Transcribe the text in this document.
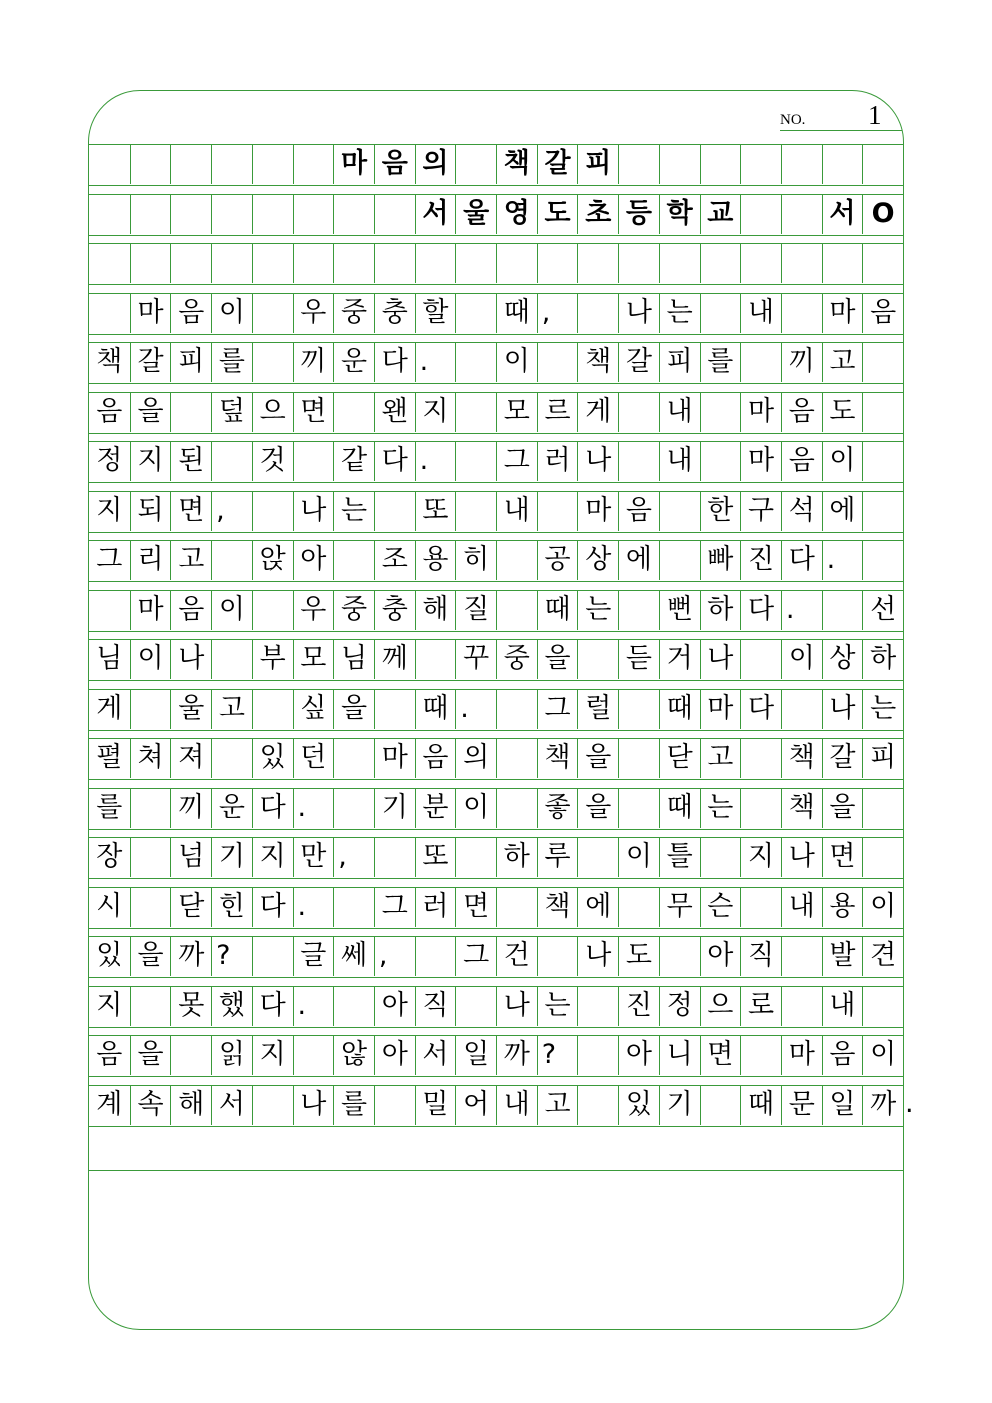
NO. 1
마 음 의 책 갈 피
서 울 영 도 초 등 학 교	서 O
마 음 이 우 중 충 할 때 ,	나 는 내 마 음
책 갈 피 를 끼 운 다 .	이 책 갈 피 를 끼 고
음 을 덮 으 면 왠 지 모 르 게 내 마 음 도
정 지 된 것 같 다 .	그 러 나 내 마 음 이
지 되 면 ,	나 는 또 내 마 음 한 구 석 에
그 리 고 앉 아 조 용 히 공 상 에 빠 진 다 .
마 음 이 우 중 충 해 질 때 는 뻔 하 다 .	선
님 이 나 부 모 님 께 꾸 중 을 듣 거 나 이 상 하
게 울 고 싶 을 때 .	그 럴 때 마 다 나 는
펼 쳐 져 있 던 마 음 의 책 을 닫 고 책 갈 피
를 끼 운 다 .	기 분 이 좋 을 때 는 책 을
장 넘 기 지 만 ,	또 하 루 이 틀 지 나 면
시 닫 힌 다 .	그 러 면 책 에 무 슨 내 용 이
있 을 까 ?	글 쎄 ,	그 건 나 도 아 직 발 견
지 못 했 다 .	아 직 나 는 진 정 으 로 내
음 을 읽 지 않 아 서 일 까 ?	아 니 면 마 음 이
계 속 해 서 나 를 밀 어 내 고 있 기 때 문 일 까 .
